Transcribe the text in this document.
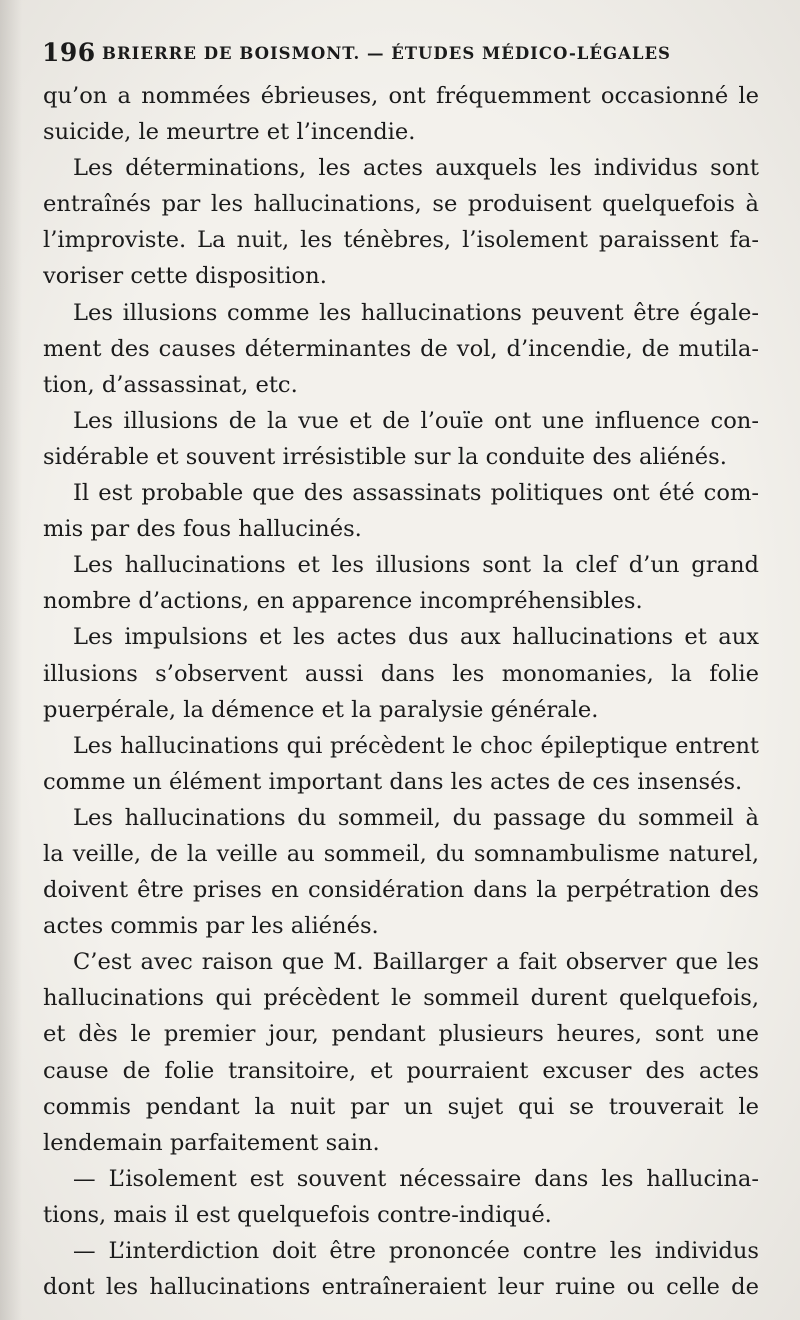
196 BRIERRE DE BOISMONT. — ÉTUDES MÉDICO-LÉGALES
qu’on a nommées ébrieuses, ont fréquemment occasionné le
suicide, le meurtre et l’incendie.
Les déterminations, les actes auxquels les individus sont
entraînés par les hallucinations, se produisent quelquefois à
l’improviste. La nuit, les ténèbres, l’isolement paraissent fa-
voriser cette disposition.
Les illusions comme les hallucinations peuvent être égale-
ment des causes déterminantes de vol, d’incendie, de mutila-
tion, d’assassinat, etc.
Les illusions de la vue et de l’ouïe ont une influence con-
sidérable et souvent irrésistible sur la conduite des aliénés.
Il est probable que des assassinats politiques ont été com-
mis par des fous hallucinés.
Les hallucinations et les illusions sont la clef d’un grand
nombre d’actions, en apparence incompréhensibles.
Les impulsions et les actes dus aux hallucinations et aux
illusions s’observent aussi dans les monomanies, la folie
puerpérale, la démence et la paralysie générale.
Les hallucinations qui précèdent le choc épileptique entrent
comme un élément important dans les actes de ces insensés.
Les hallucinations du sommeil, du passage du sommeil à
la veille, de la veille au sommeil, du somnambulisme naturel,
doivent être prises en considération dans la perpétration des
actes commis par les aliénés.
C’est avec raison que M. Baillarger a fait observer que les
hallucinations qui précèdent le sommeil durent quelquefois,
et dès le premier jour, pendant plusieurs heures, sont une
cause de folie transitoire, et pourraient excuser des actes
commis pendant la nuit par un sujet qui se trouverait le
lendemain parfaitement sain.
— L’isolement est souvent nécessaire dans les hallucina-
tions, mais il est quelquefois contre-indiqué.
— L’interdiction doit être prononcée contre les individus
dont les hallucinations entraîneraient leur ruine ou celle de
